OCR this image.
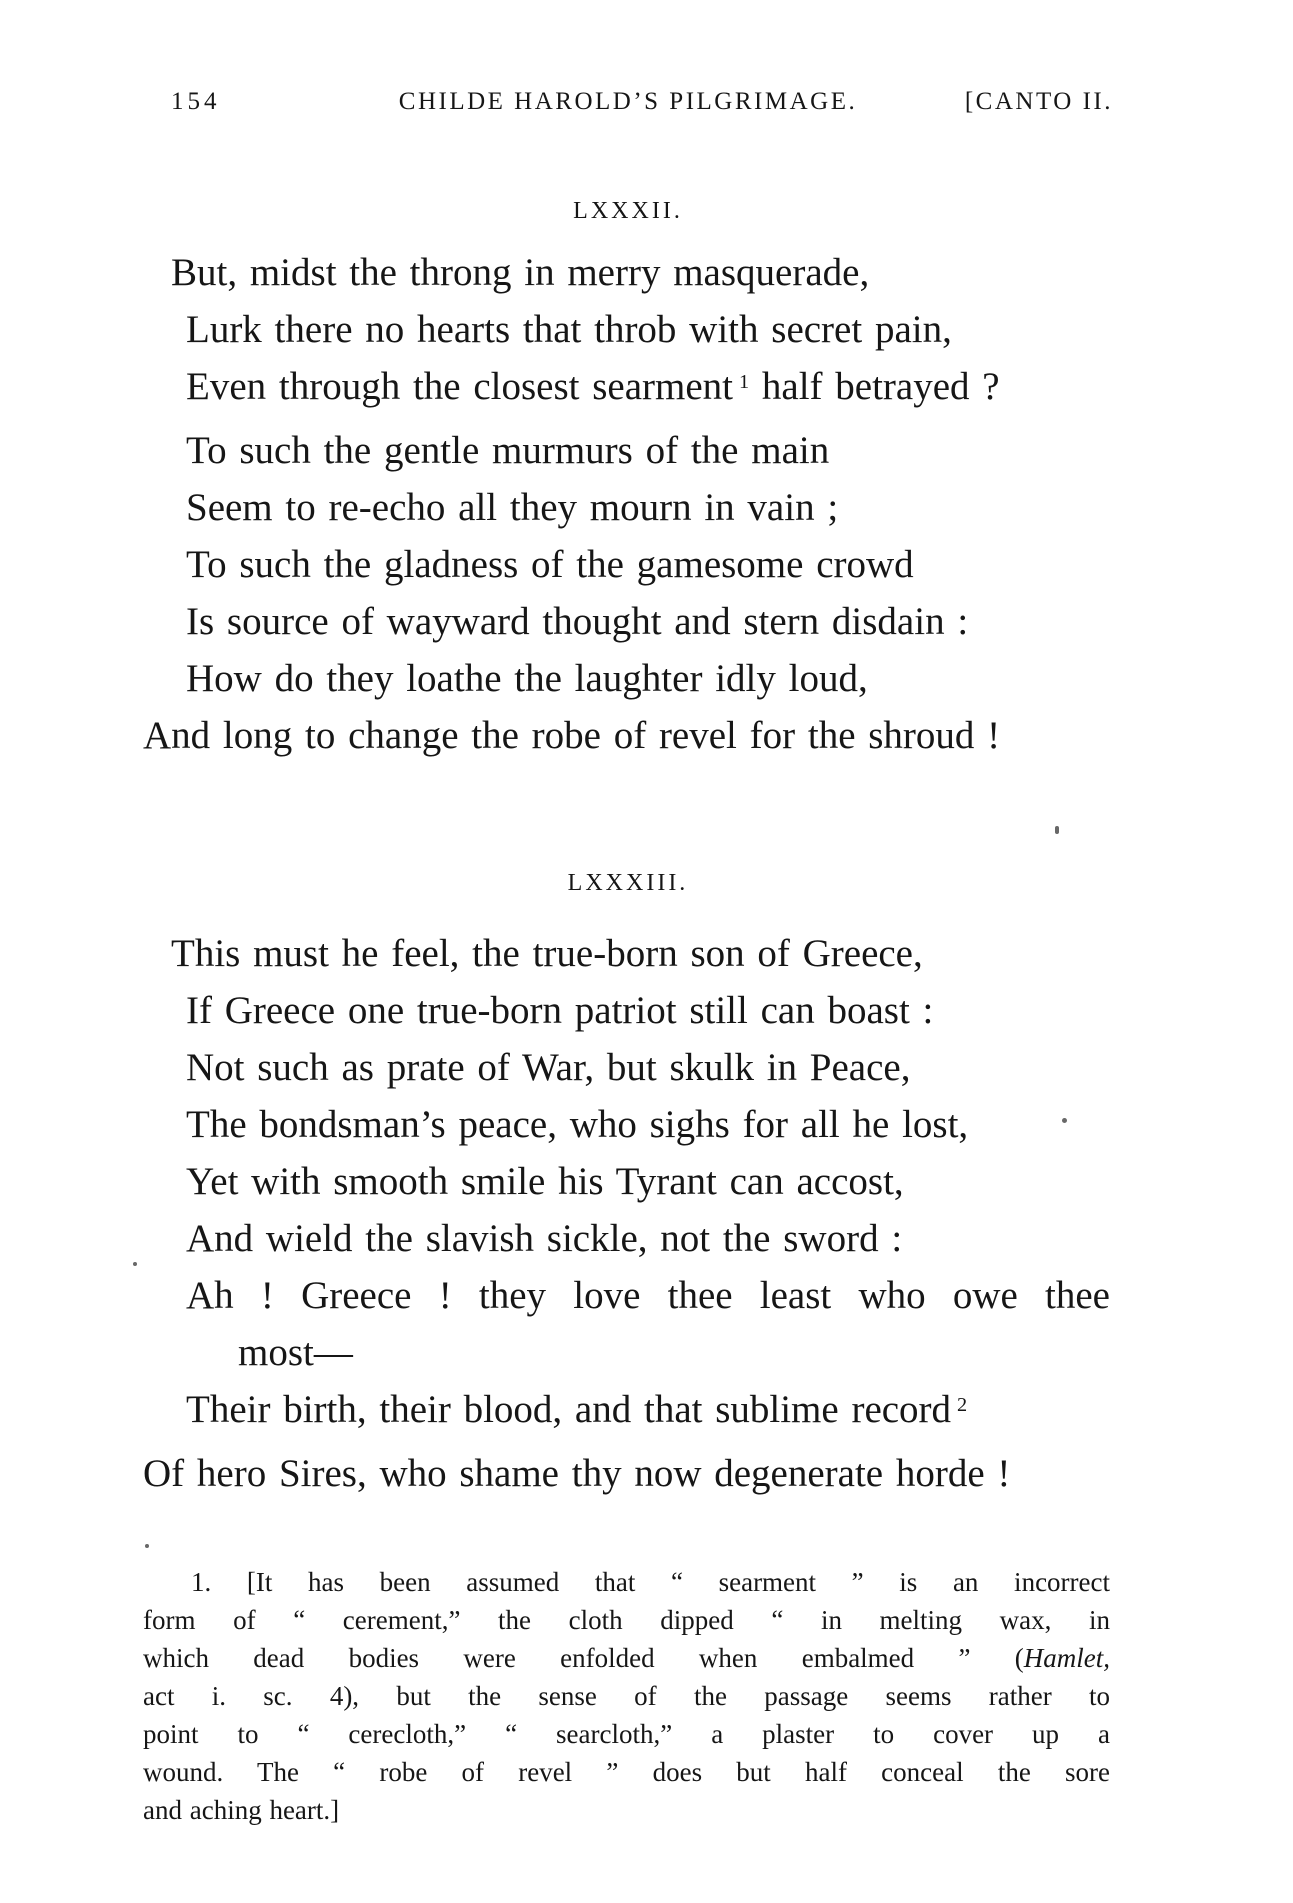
154	CHILDE HAROLD’S PILGRIMAGE.	[CANTO II.
LXXXII.
But, midst the throng in merry masquerade,
Lurk there no hearts that throb with secret pain,
Even through the closest searment $^1$ half betrayed ?
To such the gentle murmurs of the main
Seem to re-echo all they mourn in vain ;
To such the gladness of the gamesome crowd
Is source of wayward thought and stern disdain :
How do they loathe the laughter idly loud,
And long to change the robe of revel for the shroud !
LXXXIII.
This must he feel, the true-born son of Greece,
If Greece one true-born patriot still can boast :
Not such as prate of War, but skulk in Peace,
The bondsman’s peace, who sighs for all he lost,
Yet with smooth smile his Tyrant can accost,
And wield the slavish sickle, not the sword :
Ah ! Greece ! they love thee least who owe thee
most—
Their birth, their blood, and that sublime record $^2$
Of hero Sires, who shame thy now degenerate horde !
1. [It has been assumed that “ searment ” is an incorrect
form of “ cerement,” the cloth dipped “ in melting wax, in
which dead bodies were enfolded when embalmed ” (Hamlet,
act i. sc. 4), but the sense of the passage seems rather to
point to “ cerecloth,” “ searcloth,” a plaster to cover up a
wound. The “ robe of revel ” does but half conceal the sore
and aching heart.]
